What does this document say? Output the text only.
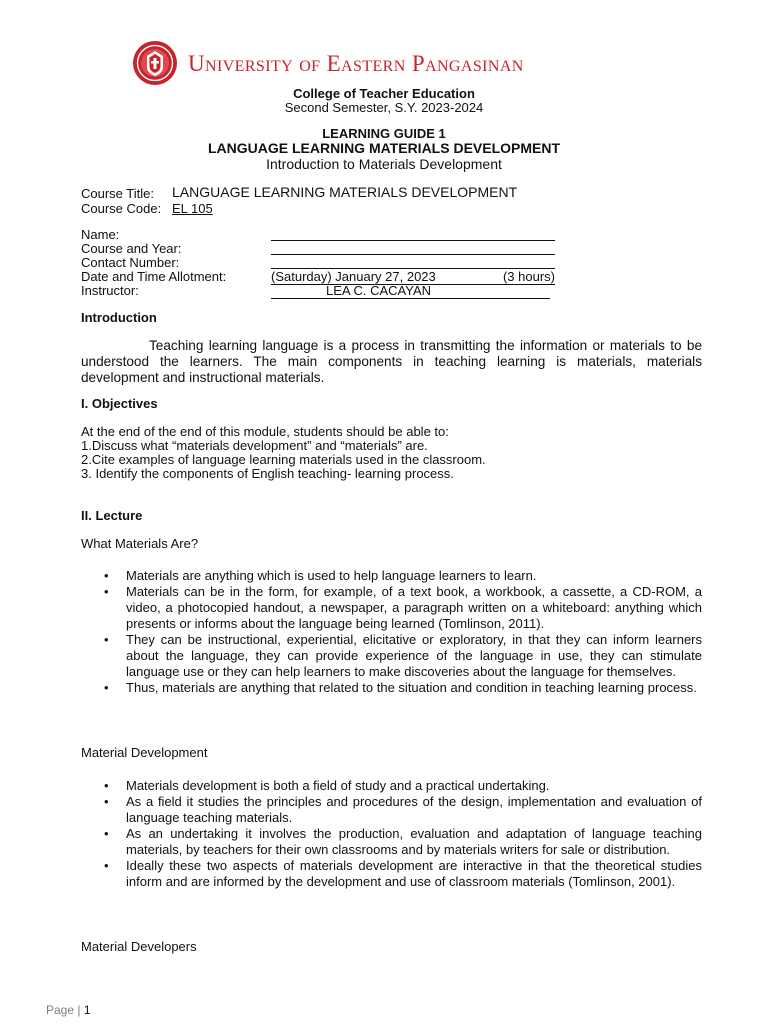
University of Eastern Pangasinan
College of Teacher Education
Second Semester, S.Y. 2023-2024
LEARNING GUIDE 1
LANGUAGE LEARNING MATERIALS DEVELOPMENT
Introduction to Materials Development
Course Title: LANGUAGE LEARNING MATERIALS DEVELOPMENT
Course Code: EL 105
Name:
Course and Year:
Contact Number:
Date and Time Allotment:
Instructor:
(Saturday) January 27, 2023	(3 hours)
LEA C. CACAYAN
Introduction
Teaching learning language is a process in transmitting the information or materials to be understood the learners. The main components in teaching learning is materials, materials development and instructional materials.
I. Objectives
At the end of the end of this module, students should be able to:
1.Discuss what “materials development” and “materials” are.
2.Cite examples of language learning materials used in the classroom.
3. Identify the components of English teaching- learning process.
II. Lecture
What Materials Are?
• Materials are anything which is used to help language learners to learn.
• Materials can be in the form, for example, of a text book, a workbook, a cassette, a CD-ROM, a video, a photocopied handout, a newspaper, a paragraph written on a whiteboard: anything which presents or informs about the language being learned (Tomlinson, 2011).
• They can be instructional, experiential, elicitative or exploratory, in that they can inform learners about the language, they can provide experience of the language in use, they can stimulate language use or they can help learners to make discoveries about the language for themselves.
• Thus, materials are anything that related to the situation and condition in teaching learning process.
Material Development
• Materials development is both a field of study and a practical undertaking.
• As a field it studies the principles and procedures of the design, implementation and evaluation of language teaching materials.
• As an undertaking it involves the production, evaluation and adaptation of language teaching materials, by teachers for their own classrooms and by materials writers for sale or distribution.
• Ideally these two aspects of materials development are interactive in that the theoretical studies inform and are informed by the development and use of classroom materials (Tomlinson, 2001).
Material Developers
Page | 1
